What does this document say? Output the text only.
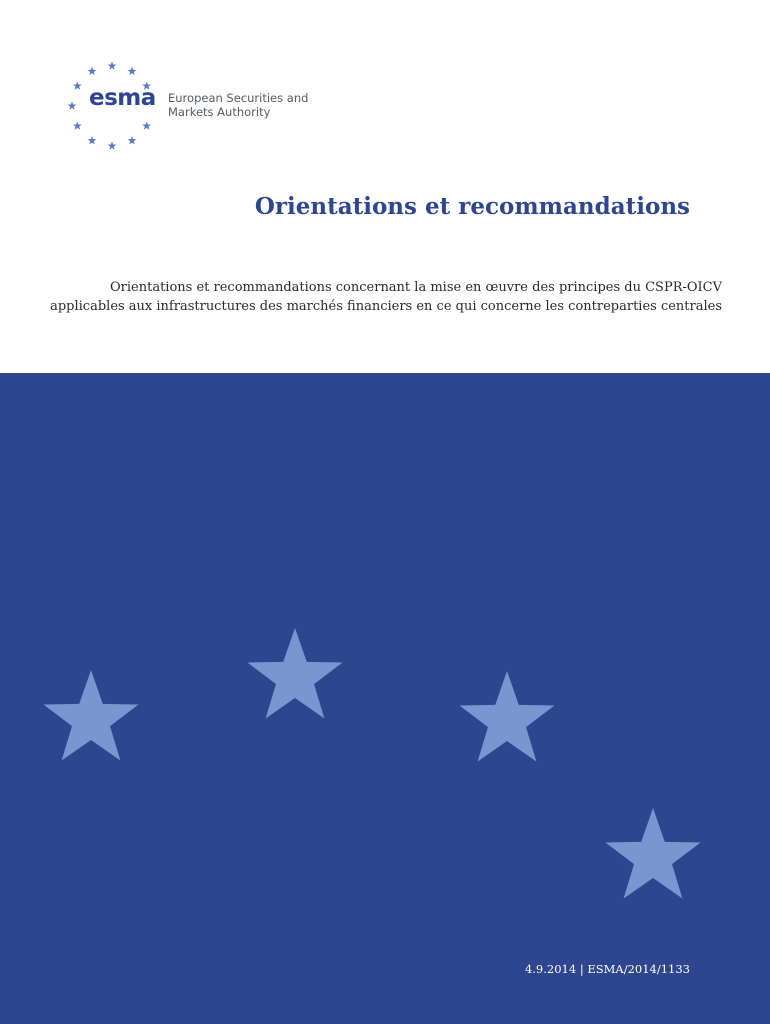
esma European Securities and
Markets Authority
Orientations et recommandations
Orientations et recommandations concernant la mise en œuvre des principes du CSPR-OICV
applicables aux infrastructures des marchés financiers en ce qui concerne les contreparties centrales
4.9.2014 | ESMA/2014/1133
